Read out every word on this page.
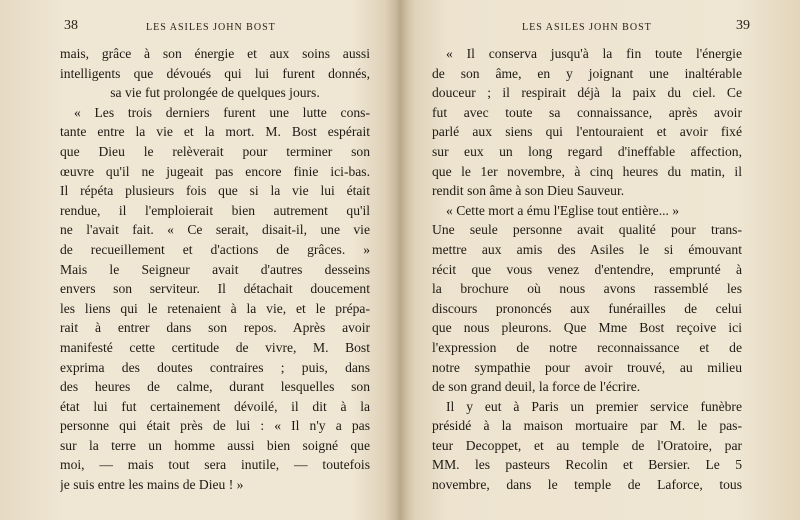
38	LES ASILES JOHN BOST
mais, grâce à son énergie et aux soins aussi
intelligents que dévoués qui lui furent donnés,
sa vie fut prolongée de quelques jours.
« Les trois derniers furent une lutte cons-
tante entre la vie et la mort. M. Bost espérait
que Dieu le relèverait pour terminer son
œuvre qu'il ne jugeait pas encore finie ici-bas.
Il répéta plusieurs fois que si la vie lui était
rendue, il l'emploierait bien autrement qu'il
ne l'avait fait. « Ce serait, disait-il, une vie
de recueillement et d'actions de grâces. »
Mais le Seigneur avait d'autres desseins
envers son serviteur. Il détachait doucement
les liens qui le retenaient à la vie, et le prépa-
rait à entrer dans son repos. Après avoir
manifesté cette certitude de vivre, M. Bost
exprima des doutes contraires ; puis, dans
des heures de calme, durant lesquelles son
état lui fut certainement dévoilé, il dit à la
personne qui était près de lui : « Il n'y a pas
sur la terre un homme aussi bien soigné que
moi, — mais tout sera inutile, — toutefois
je suis entre les mains de Dieu ! »
LES ASILES JOHN BOST	39
« Il conserva jusqu'à la fin toute l'énergie
de son âme, en y joignant une inaltérable
douceur ; il respirait déjà la paix du ciel. Ce
fut avec toute sa connaissance, après avoir
parlé aux siens qui l'entouraient et avoir fixé
sur eux un long regard d'ineffable affection,
que le 1er novembre, à cinq heures du matin, il
rendit son âme à son Dieu Sauveur.
« Cette mort a ému l'Eglise tout entière... »
Une seule personne avait qualité pour trans-
mettre aux amis des Asiles le si émouvant
récit que vous venez d'entendre, emprunté à
la brochure où nous avons rassemblé les
discours prononcés aux funérailles de celui
que nous pleurons. Que Mme Bost reçoive ici
l'expression de notre reconnaissance et de
notre sympathie pour avoir trouvé, au milieu
de son grand deuil, la force de l'écrire.
Il y eut à Paris un premier service funèbre
présidé à la maison mortuaire par M. le pas-
teur Decoppet, et au temple de l'Oratoire, par
MM. les pasteurs Recolin et Bersier. Le 5
novembre, dans le temple de Laforce, tous
